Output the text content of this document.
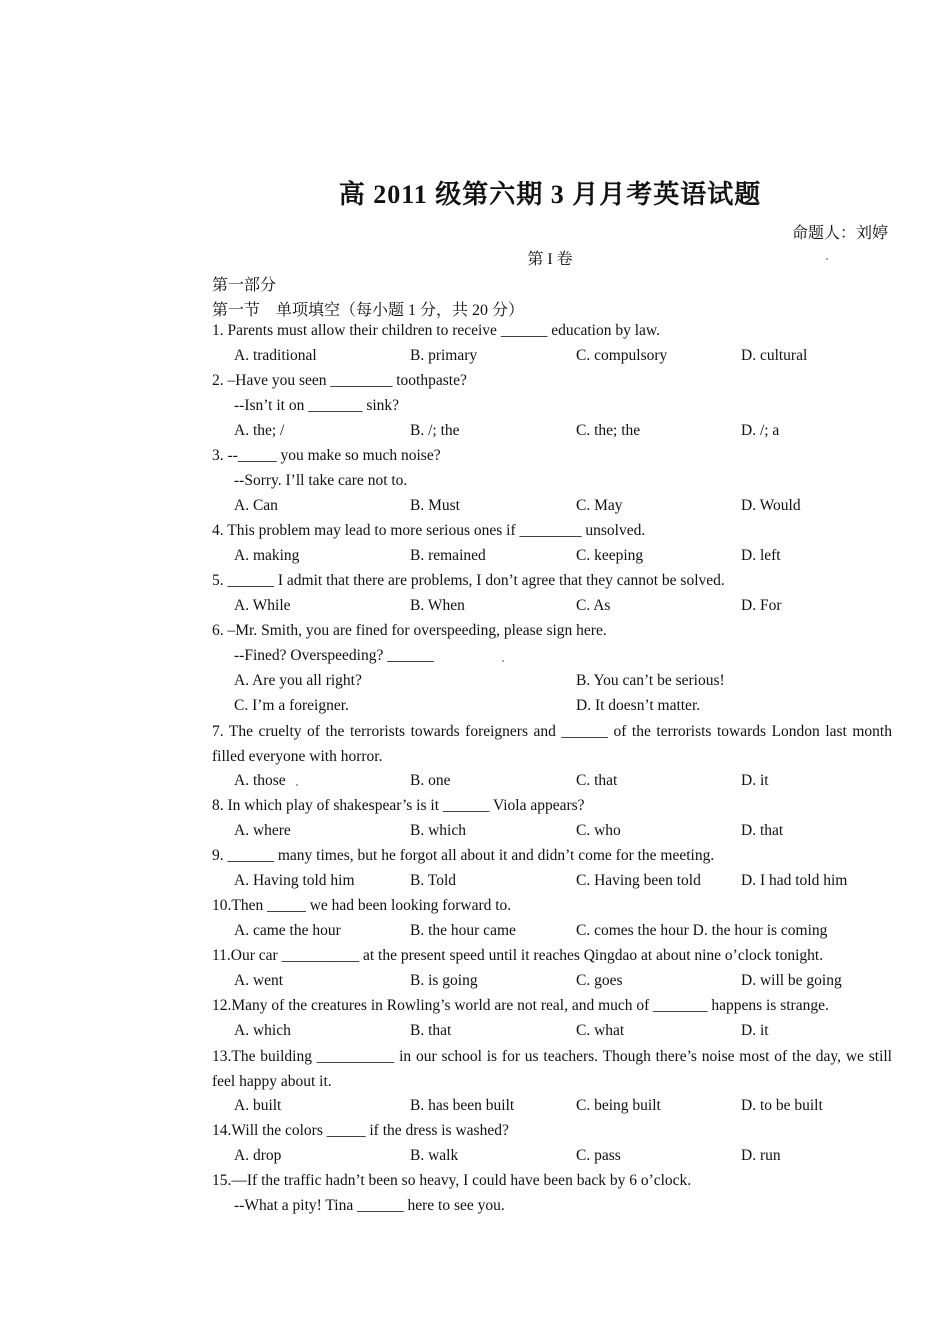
高 2011 级第六期 3 月月考英语试题
命题人：刘婷
第 I 卷
第一部分
第一节　单项填空（每小题 1 分，共 20 分）
1. Parents must allow their children to receive ______ education by law.
A. traditional	B. primary	C. compulsory	D. cultural
2. –Have you seen ________ toothpaste?
--Isn’t it on _______ sink?
A. the; /	B. /; the	C. the; the	D. /; a
3. --_____ you make so much noise?
--Sorry. I’ll take care not to.
A. Can	B. Must	C. May	D. Would
4. This problem may lead to more serious ones if ________ unsolved.
A. making	B. remained	C. keeping	D. left
5. ______ I admit that there are problems, I don’t agree that they cannot be solved.
A. While	B. When	C. As	D. For
6. –Mr. Smith, you are fined for overspeeding, please sign here.
--Fined? Overspeeding? ______
A. Are you all right?	B. You can’t be serious!
C. I’m a foreigner.	D. It doesn’t matter.
7. The cruelty of the terrorists towards foreigners and ______ of the terrorists towards London last month filled everyone with horror.
A. those	B. one	C. that	D. it
8. In which play of shakespear’s is it ______ Viola appears?
A. where	B. which	C. who	D. that
9. ______ many times, but he forgot all about it and didn’t come for the meeting.
A. Having told him	B. Told	C. Having been told	D. I had told him
10.Then _____ we had been looking forward to.
A. came the hour	B. the hour came	C. comes the hour D. the hour is coming
11.Our car __________ at the present speed until it reaches Qingdao at about nine o’clock tonight.
A. went	B. is going	C. goes	D. will be going
12.Many of the creatures in Rowling’s world are not real, and much of _______ happens is strange.
A. which	B. that	C. what	D. it
13.The building __________ in our school is for us teachers. Though there’s noise most of the day, we still feel happy about it.
A. built	B. has been built	C. being built	D. to be built
14.Will the colors _____ if the dress is washed?
A. drop	B. walk	C. pass	D. run
15.—If the traffic hadn’t been so heavy, I could have been back by 6 o’clock.
--What a pity! Tina ______ here to see you.
